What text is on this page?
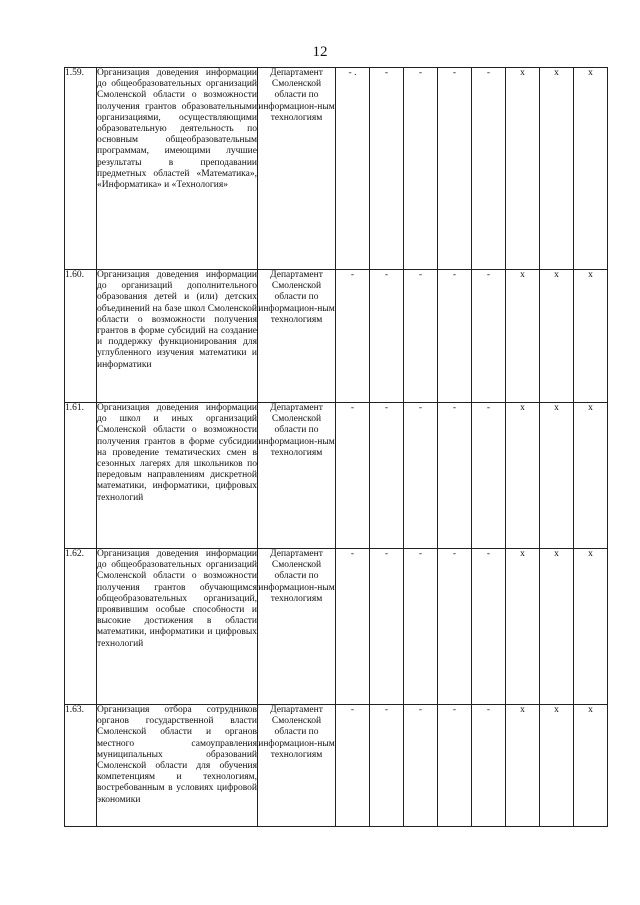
12
1.59.	Организация доведения информации до общеобразовательных организаций Смоленской области о возможности получения грантов образовательными организациями, осуществляющими образовательную деятельность по основным общеобразовательным программам, имеющими лучшие результаты в преподавании предметных областей «Математика», «Информатика» и «Технология»	Департамент Смоленской области по информацион-ным технологиям	- .	-	-	-	-	x	x	x
1.60.	Организация доведения информации до организаций дополнительного образования детей и (или) детских объединений на базе школ Смоленской области о возможности получения грантов в форме субсидий на создание и поддержку функционирования для углубленного изучения математики и информатики	Департамент Смоленской области по информацион-ным технологиям	-	-	-	-	-	x	x	x
1.61.	Организация доведения информации до школ и иных организаций Смоленской области о возможности получения грантов в форме субсидии на проведение тематических смен в сезонных лагерях для школьников по передовым направлениям дискретной математики, информатики, цифровых технологий	Департамент Смоленской области по информацион-ным технологиям	-	-	-	-	-	x	x	x
1.62.	Организация доведения информации до общеобразовательных организаций Смоленской области о возможности получения грантов обучающимся общеобразовательных организаций, проявившим особые способности и высокие достижения в области математики, информатики и цифровых технологий	Департамент Смоленской области по информацион-ным технологиям	-	-	-	-	-	x	x	x
1.63.	Организация отбора сотрудников органов государственной власти Смоленской области и органов местного самоуправления муниципальных образований Смоленской области для обучения компетенциям и технологиям, востребованным в условиях цифровой экономики	Департамент Смоленской области по информацион-ным технологиям	-	-	-	-	-	x	x	x
